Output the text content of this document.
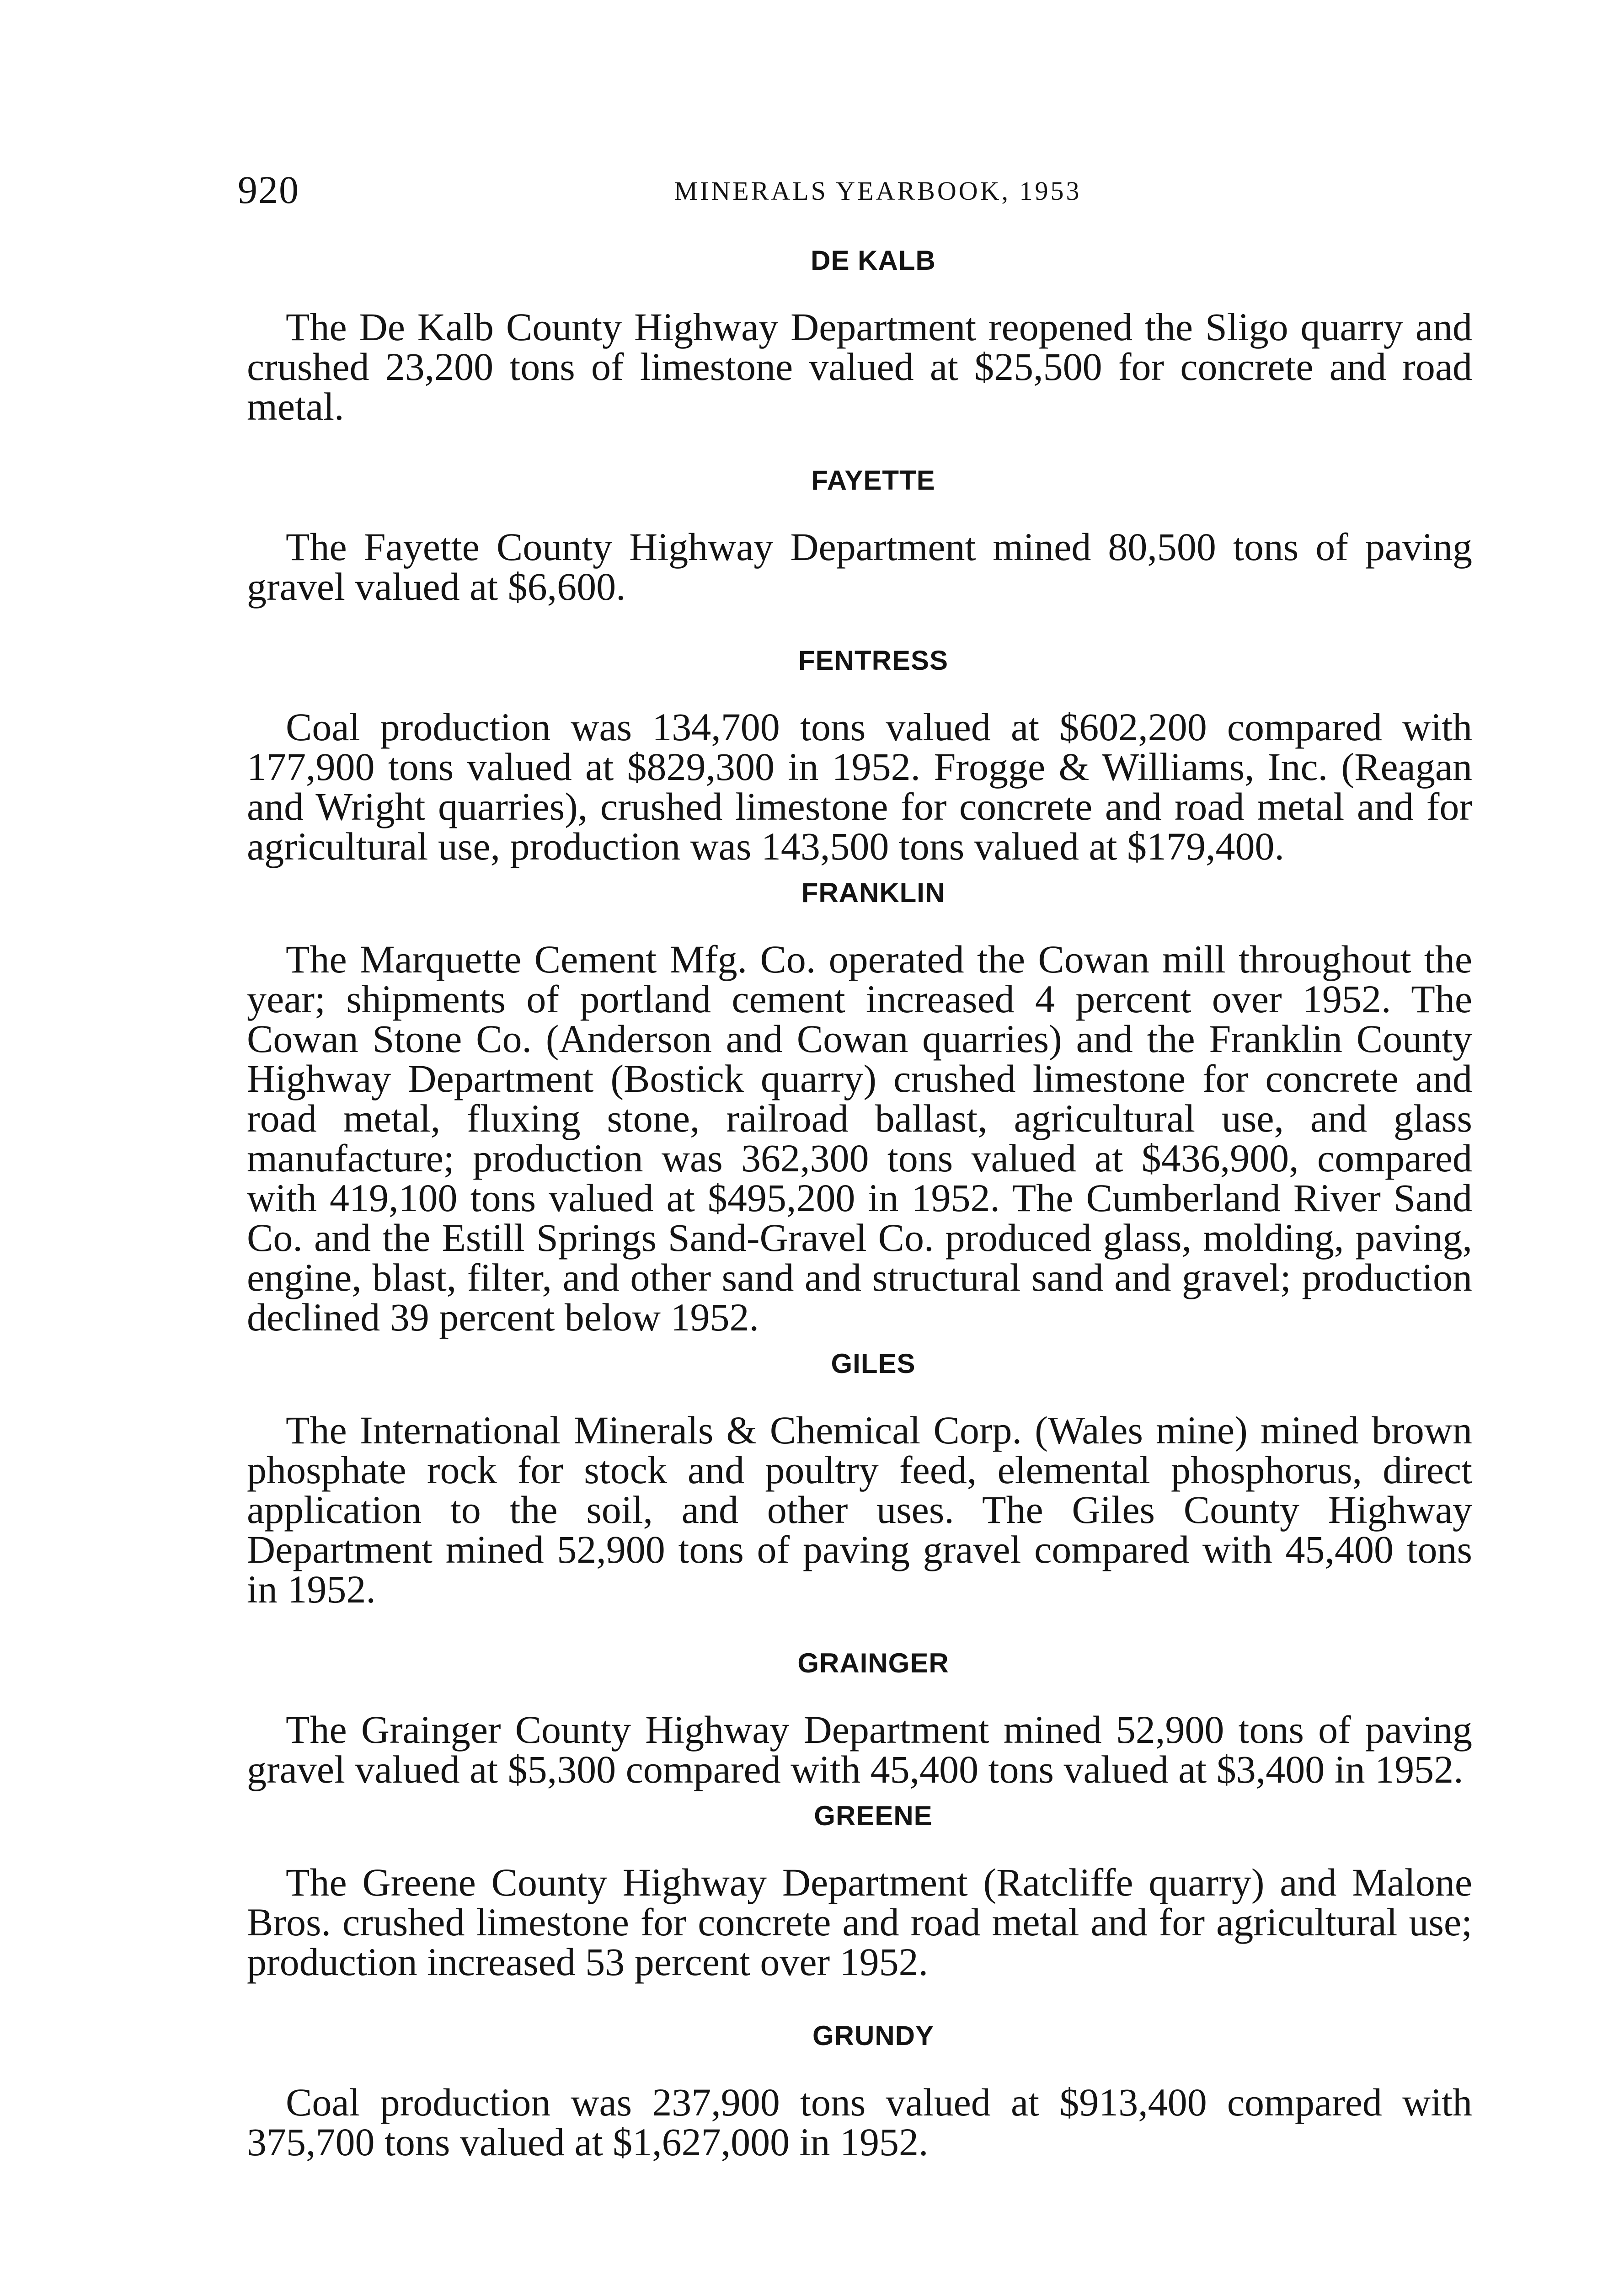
920	MINERALS YEARBOOK, 1953
DE KALB

The De Kalb County Highway Department reopened the Sligo quarry and crushed 23,200 tons of limestone valued at $25,500 for concrete and road metal.

FAYETTE

The Fayette County Highway Department mined 80,500 tons of paving gravel valued at $6,600.

FENTRESS

Coal production was 134,700 tons valued at $602,200 compared with 177,900 tons valued at $829,300 in 1952. Frogge & Williams, Inc. (Reagan and Wright quarries), crushed limestone for concrete and road metal and for agricultural use, production was 143,500 tons valued at $179,400.

FRANKLIN

The Marquette Cement Mfg. Co. operated the Cowan mill throughout the year; shipments of portland cement increased 4 percent over 1952. The Cowan Stone Co. (Anderson and Cowan quarries) and the Franklin County Highway Department (Bostick quarry) crushed limestone for concrete and road metal, fluxing stone, railroad ballast, agricultural use, and glass manufacture; production was 362,300 tons valued at $436,900, compared with 419,100 tons valued at $495,200 in 1952. The Cumberland River Sand Co. and the Estill Springs Sand-Gravel Co. produced glass, molding, paving, engine, blast, filter, and other sand and structural sand and gravel; production declined 39 percent below 1952.

GILES

The International Minerals & Chemical Corp. (Wales mine) mined brown phosphate rock for stock and poultry feed, elemental phosphorus, direct application to the soil, and other uses. The Giles County Highway Department mined 52,900 tons of paving gravel compared with 45,400 tons in 1952.

GRAINGER

The Grainger County Highway Department mined 52,900 tons of paving gravel valued at $5,300 compared with 45,400 tons valued at $3,400 in 1952.

GREENE

The Greene County Highway Department (Ratcliffe quarry) and Malone Bros. crushed limestone for concrete and road metal and for agricultural use; production increased 53 percent over 1952.

GRUNDY

Coal production was 237,900 tons valued at $913,400 compared with 375,700 tons valued at $1,627,000 in 1952.
